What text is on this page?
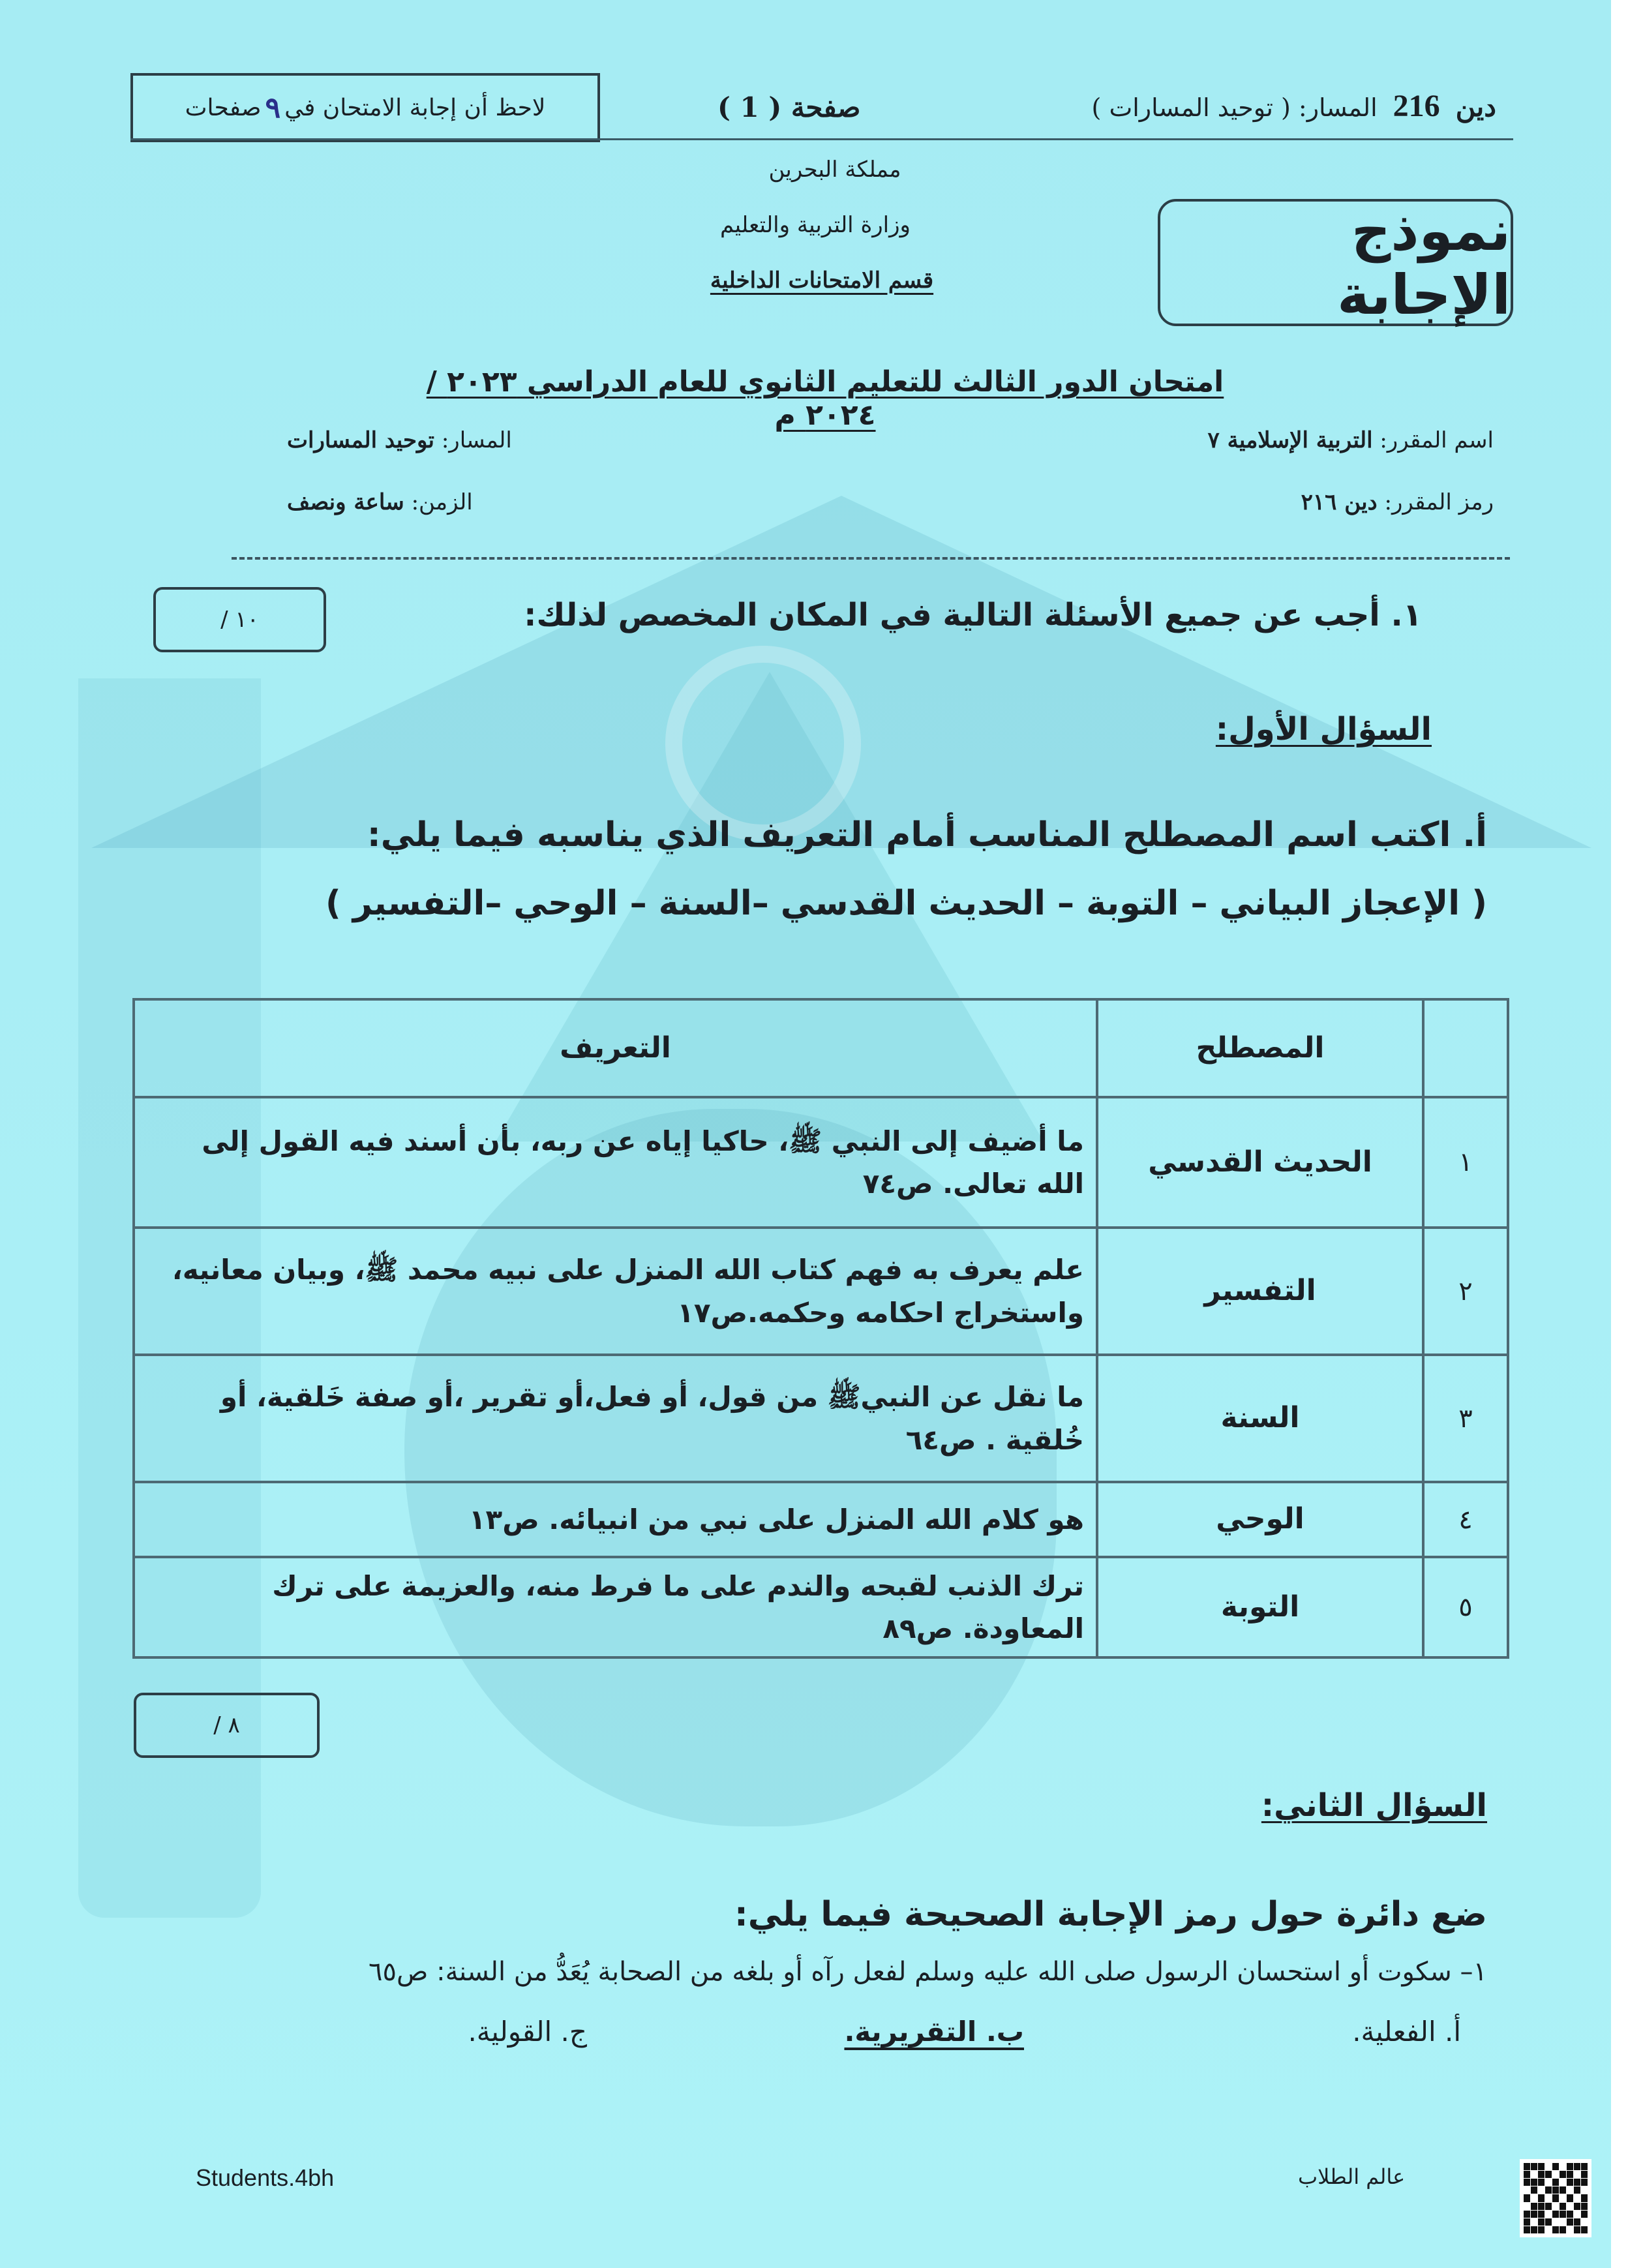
لاحظ أن إجابة الامتحان في
٩
صفحات	صفحة ( 1 )	دين
216
المسار: ( توحيد المسارات )
مملكة البحرين
وزارة التربية والتعليم
قسم الامتحانات الداخلية
نموذج الإجابة
امتحان الدور الثالث للتعليم الثانوي للعام الدراسي ٢٠٢٣ / ٢٠٢٤ م
اسم المقرر: التربية الإسلامية ٧
رمز المقرر: دين ٢١٦
المسار: توحيد المسارات
الزمن: ساعة ونصف
/ ١٠	١. أجب عن جميع الأسئلة التالية في المكان المخصص لذلك:
السؤال الأول:
أ. اكتب اسم المصطلح المناسب أمام التعريف الذي يناسبه فيما يلي:
( الإعجاز البياني – التوبة – الحديث القدسي –السنة – الوحي –التفسير )
	المصطلح	التعريف
١	الحديث القدسي	ما أضيف إلى النبي ﷺ، حاكيا إياه عن ربه، بأن أسند فيه القول إلى الله تعالى. ص٧٤
٢	التفسير	علم يعرف به فهم كتاب الله المنزل على نبيه محمد ﷺ، وبيان معانيه، واستخراج احكامه وحكمه.ص١٧
٣	السنة	ما نقل عن النبيﷺ من قول، أو فعل،أو تقرير ،أو صفة خَلقية، أو خُلقية . ص٦٤
٤	الوحي	هو كلام الله المنزل على نبي من انبيائه. ص١٣
٥	التوبة	ترك الذنب لقبحه والندم على ما فرط منه، والعزيمة على ترك المعاودة. ص٨٩
/ ٨
السؤال الثاني:
ضع دائرة حول رمز الإجابة الصحيحة فيما يلي:
١– سكوت أو استحسان الرسول صلى الله عليه وسلم لفعل رآه أو بلغه من الصحابة يُعَدُّ من السنة: ص٦٥
أ. الفعلية.
ب. التقريرية.
ج. القولية.
Students.4bh	عالم الطلاب
